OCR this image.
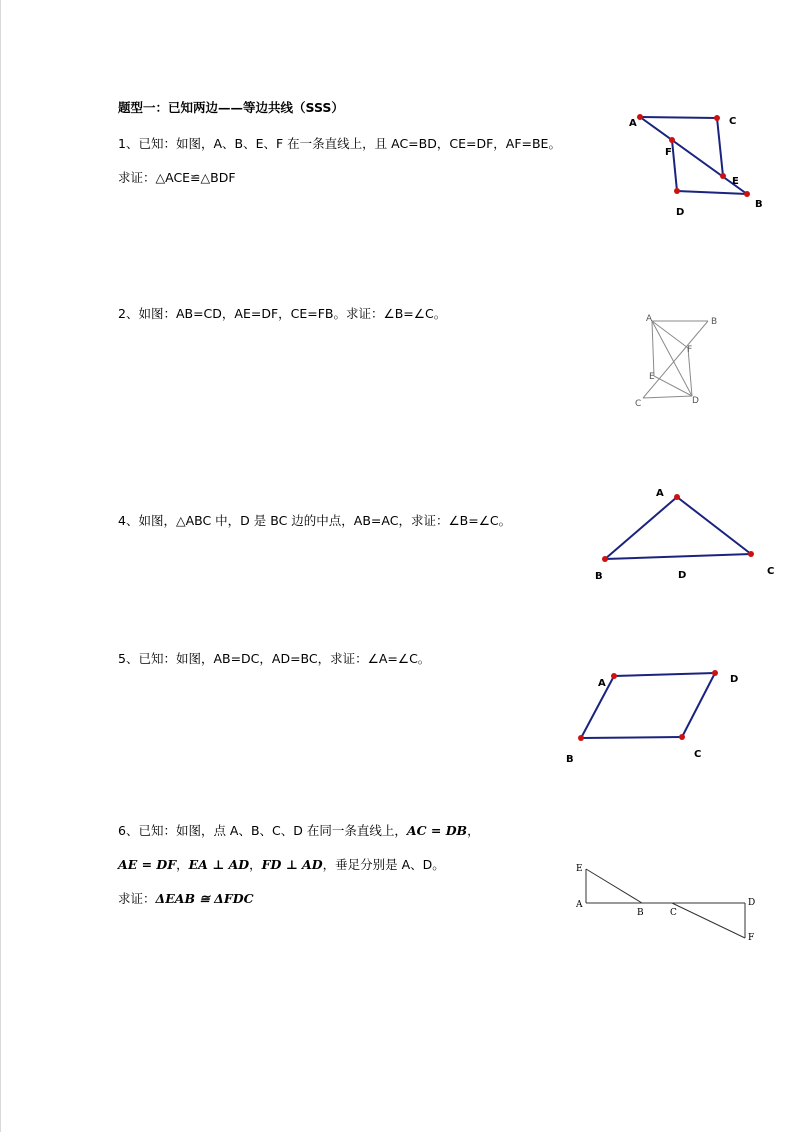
题型一：已知两边——等边共线（SSS）
1、已知：如图，A、B、E、F 在一条直线上，且 AC=BD，CE=DF，AF=BE。
求证：△ACE≌△BDF
A	C
F
E
D
B
2、如图：AB=CD，AE=DF，CE=FB。求证：∠B=∠C。	A	B
F
E
C	D
4、如图，△ABC 中，D 是 BC 边的中点，AB=AC，求证：∠B=∠C。
A
B	D	C
5、已知：如图，AB=DC，AD=BC，求证：∠A=∠C。
A	D
B	C
6、已知：如图，点 A、B、C、D 在同一条直线上，AC = DB，
AE = DF，EA ⊥ AD，FD ⊥ AD，垂足分别是 A、D。
求证：ΔEAB ≅ ΔFDC
E
A
B	C
D
F
